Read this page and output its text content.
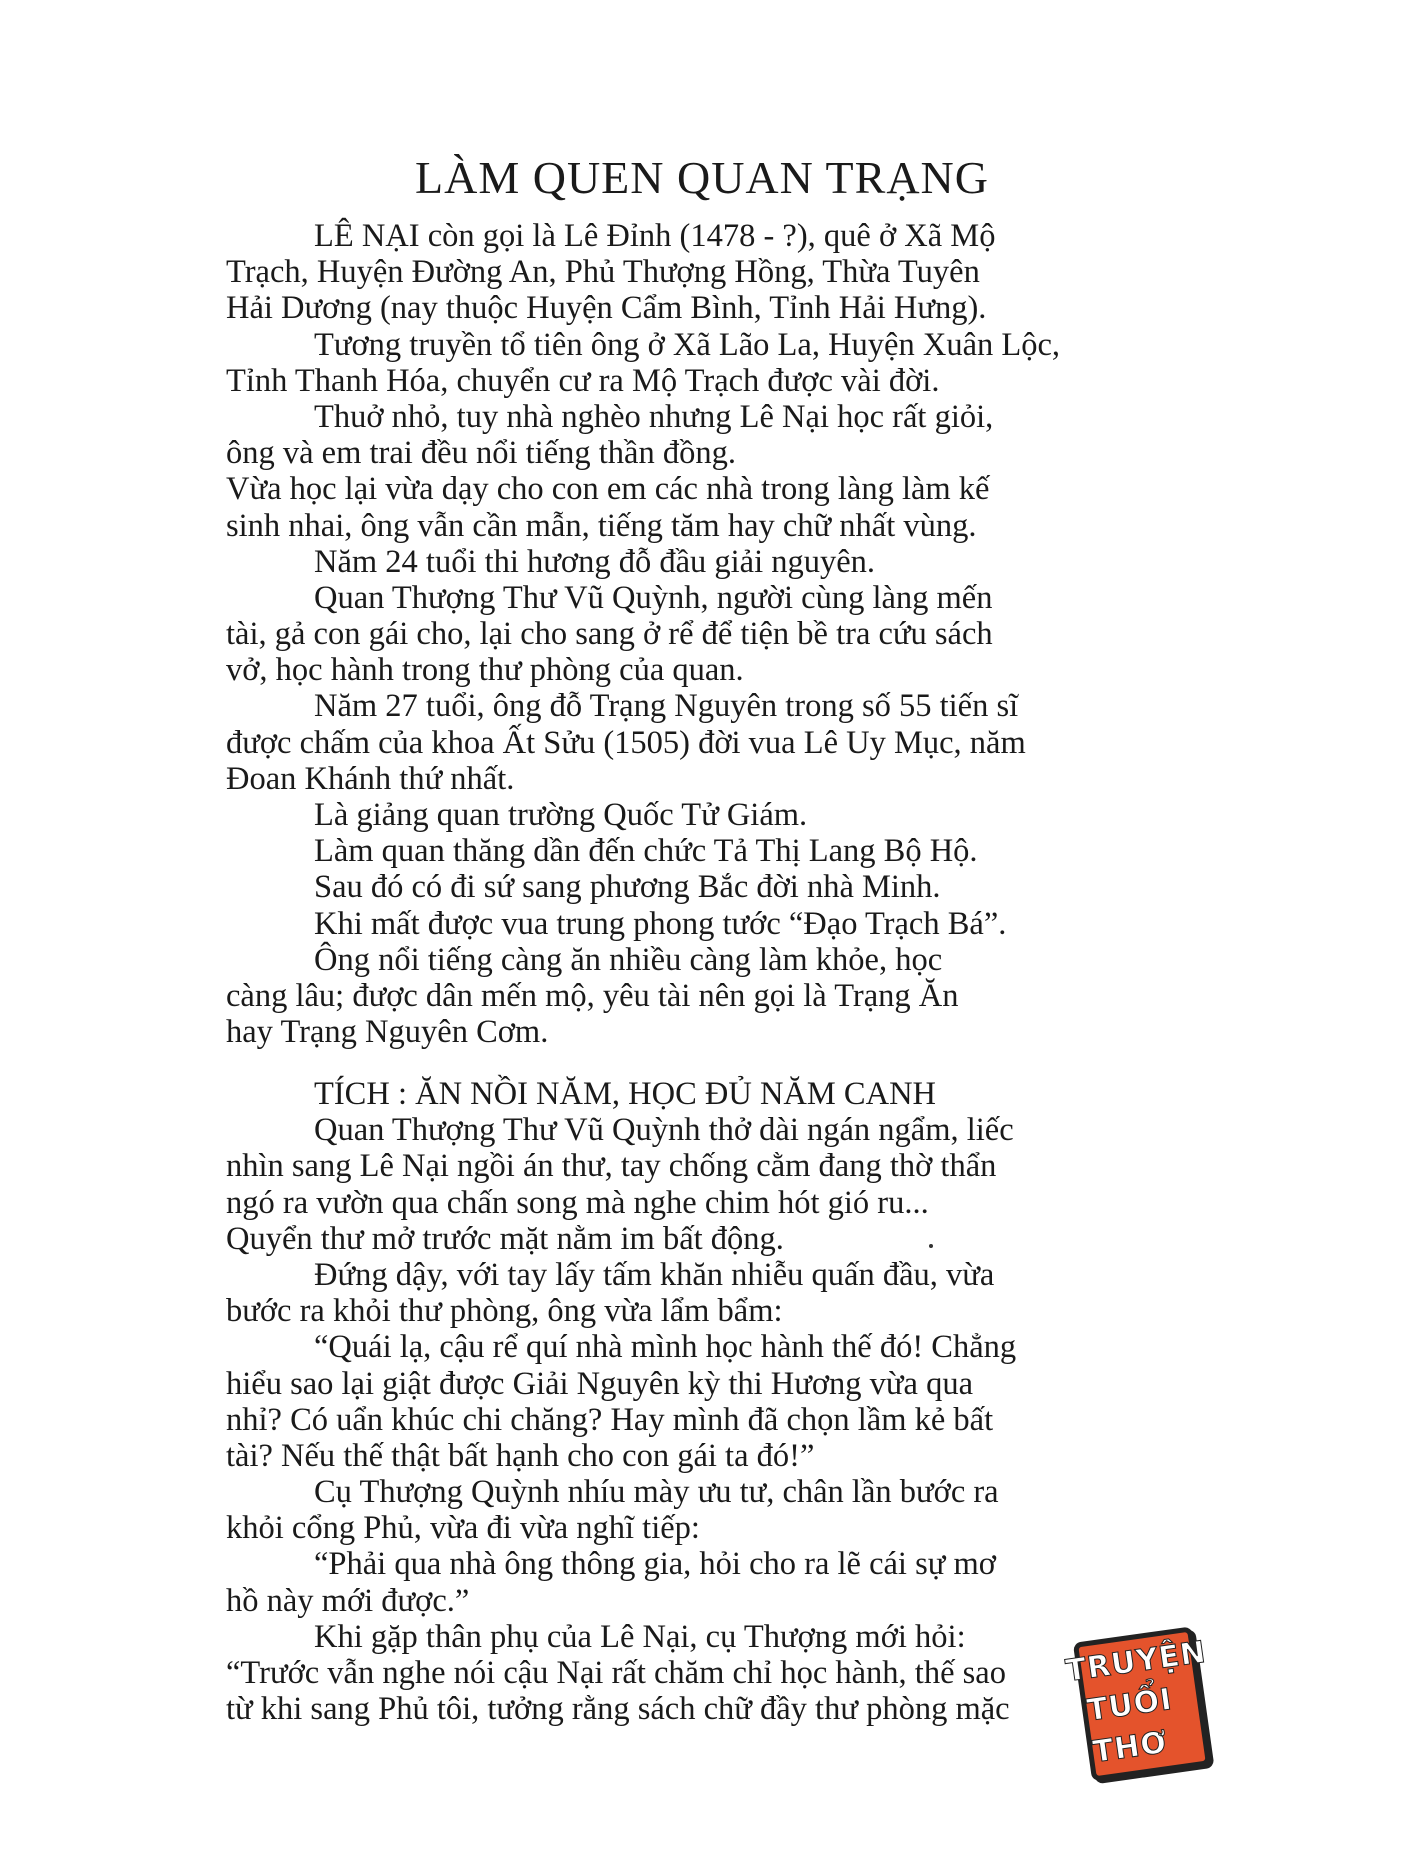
LÀM QUEN QUAN TRẠNG
LÊ NẠI còn gọi là Lê Đỉnh (1478 - ?), quê ở Xã Mộ
Trạch, Huyện Đường An, Phủ Thượng Hồng, Thừa Tuyên
Hải Dương (nay thuộc Huyện Cẩm Bình, Tỉnh Hải Hưng).
Tương truyền tổ tiên ông ở Xã Lão La, Huyện Xuân Lộc,
Tỉnh Thanh Hóa, chuyển cư ra Mộ Trạch được vài đời.
Thuở nhỏ, tuy nhà nghèo nhưng Lê Nại học rất giỏi,
ông và em trai đều nổi tiếng thần đồng.
Vừa học lại vừa dạy cho con em các nhà trong làng làm kế
sinh nhai, ông vẫn cần mẫn, tiếng tăm hay chữ nhất vùng.
Năm 24 tuổi thi hương đỗ đầu giải nguyên.
Quan Thượng Thư Vũ Quỳnh, người cùng làng mến
tài, gả con gái cho, lại cho sang ở rể để tiện bề tra cứu sách
vở, học hành trong thư phòng của quan.
Năm 27 tuổi, ông đỗ Trạng Nguyên trong số 55 tiến sĩ
được chấm của khoa Ất Sửu (1505) đời vua Lê Uy Mục, năm
Đoan Khánh thứ nhất.
Là giảng quan trường Quốc Tử Giám.
Làm quan thăng dần đến chức Tả Thị Lang Bộ Hộ.
Sau đó có đi sứ sang phương Bắc đời nhà Minh.
Khi mất được vua trung phong tước “Đạo Trạch Bá”.
Ông nổi tiếng càng ăn nhiều càng làm khỏe, học
càng lâu; được dân mến mộ, yêu tài nên gọi là Trạng Ăn
hay Trạng Nguyên Cơm.
TÍCH : ĂN NỒI NĂM, HỌC ĐỦ NĂM CANH
Quan Thượng Thư Vũ Quỳnh thở dài ngán ngẩm, liếc
nhìn sang Lê Nại ngồi án thư, tay chống cằm đang thờ thẩn
ngó ra vườn qua chấn song mà nghe chim hót gió ru...
Quyển thư mở trước mặt nằm im bất động.
Đứng dậy, với tay lấy tấm khăn nhiễu quấn đầu, vừa
bước ra khỏi thư phòng, ông vừa lẩm bẩm:
“Quái lạ, cậu rể quí nhà mình học hành thế đó! Chẳng
hiểu sao lại giật được Giải Nguyên kỳ thi Hương vừa qua
nhỉ? Có uẩn khúc chi chăng? Hay mình đã chọn lầm kẻ bất
tài? Nếu thế thật bất hạnh cho con gái ta đó!”
Cụ Thượng Quỳnh nhíu mày ưu tư, chân lần bước ra
khỏi cổng Phủ, vừa đi vừa nghĩ tiếp:
“Phải qua nhà ông thông gia, hỏi cho ra lẽ cái sự mơ
hồ này mới được.”
Khi gặp thân phụ của Lê Nại, cụ Thượng mới hỏi:
“Trước vẫn nghe nói cậu Nại rất chăm chỉ học hành, thế sao
từ khi sang Phủ tôi, tưởng rằng sách chữ đầy thư phòng mặc
TRUYỆN
TUỔI THƠ
